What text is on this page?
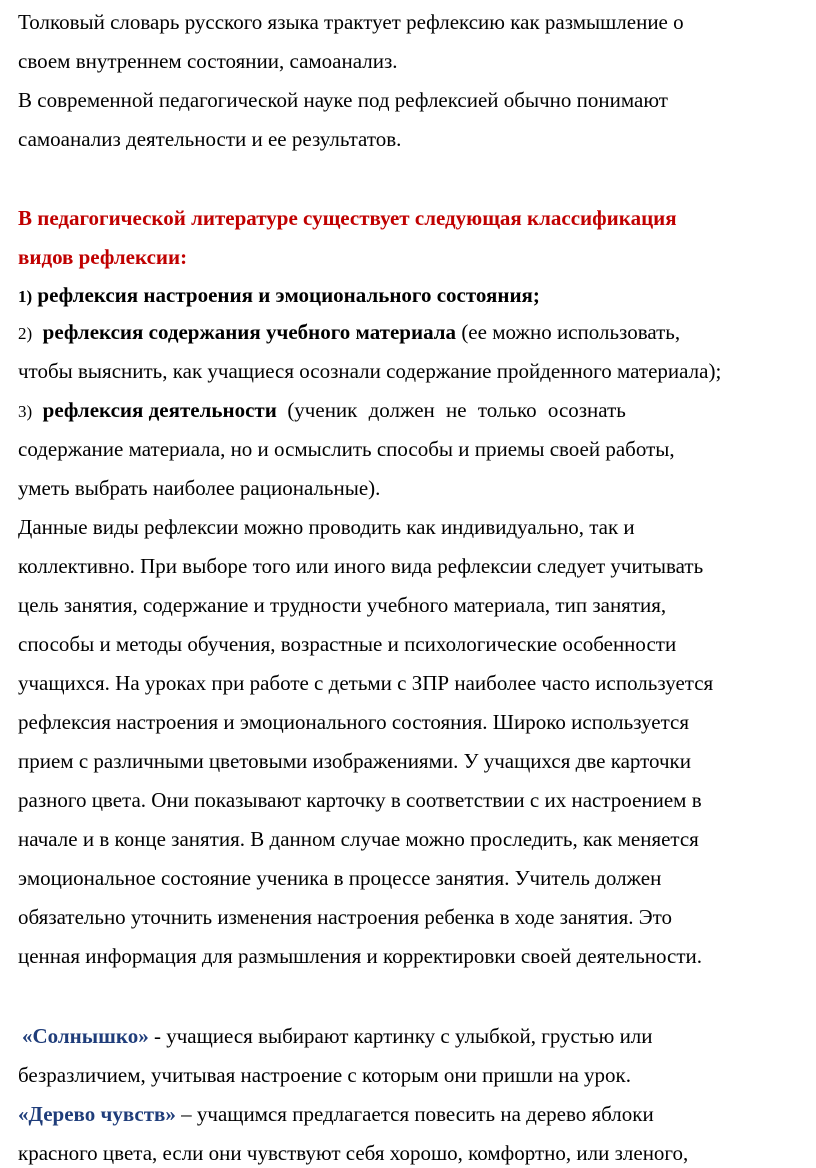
Толковый словарь русского языка трактует рефлексию как размышление о
своем внутреннем состоянии, самоанализ.
В современной педагогической науке под рефлексией обычно понимают
самоанализ деятельности и ее результатов.
В педагогической литературе существует следующая классификация
видов рефлексии:
1) рефлексия настроения и эмоционального состояния;
2) рефлексия содержания учебного материала (ее можно использовать,
чтобы выяснить, как учащиеся осознали содержание пройденного материала);
3) рефлексия деятельности (ученик должен не только осознать
содержание материала, но и осмыслить способы и приемы своей работы,
уметь выбрать наиболее рациональные).
Данные виды рефлексии можно проводить как индивидуально, так и
коллективно. При выборе того или иного вида рефлексии следует учитывать
цель занятия, содержание и трудности учебного материала, тип занятия,
способы и методы обучения, возрастные и психологические особенности
учащихся. На уроках при работе с детьми с ЗПР наиболее часто используется
рефлексия настроения и эмоционального состояния. Широко используется
прием с различными цветовыми изображениями. У учащихся две карточки
разного цвета. Они показывают карточку в соответствии с их настроением в
начале и в конце занятия. В данном случае можно проследить, как меняется
эмоциональное состояние ученика в процессе занятия. Учитель должен
обязательно уточнить изменения настроения ребенка в ходе занятия. Это
ценная информация для размышления и корректировки своей деятельности.
«Солнышко» - учащиеся выбирают картинку с улыбкой, грустью или
безразличием, учитывая настроение с которым они пришли на урок.
«Дерево чувств» – учащимся предлагается повесить на дерево яблоки
красного цвета, если они чувствуют себя хорошо, комфортно, или зленого,
